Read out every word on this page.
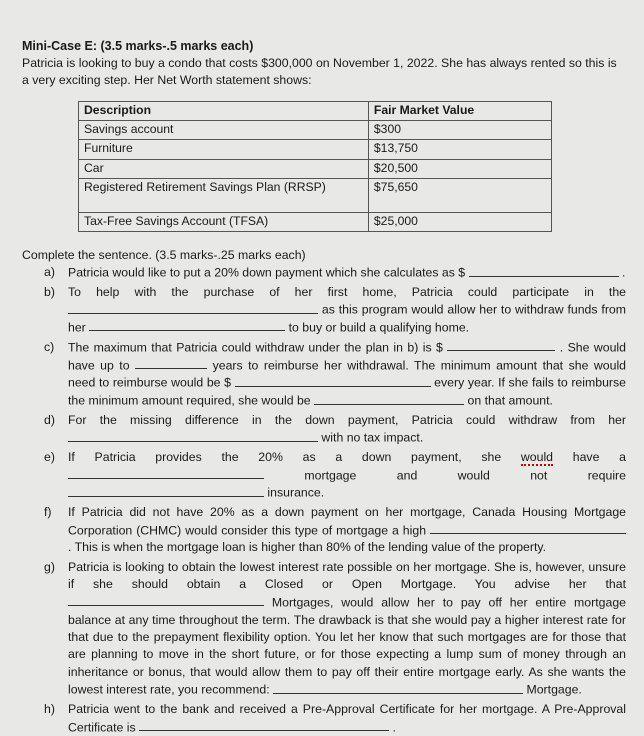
Mini-Case E: (3.5 marks-.5 marks each)
Patricia is looking to buy a condo that costs $300,000 on November 1, 2022. She has always rented so this is a very exciting step. Her Net Worth statement shows:
Description	Fair Market Value
Savings account	$300
Furniture	$13,750
Car	$20,500
Registered Retirement Savings Plan (RRSP)	$75,650
Tax-Free Savings Account (TFSA)	$25,000
Complete the sentence. (3.5 marks-.25 marks each)
a)	Patricia would like to put a 20% down payment which she calculates as $	.
b)	To help with the purchase of her first home, Patricia could participate in the  as this program would allow her to withdraw funds from her	to buy or build a qualifying home.
c)	The maximum that Patricia could withdraw under the plan in b) is $	. She would have up to	years to reimburse her withdrawal. The minimum amount that she would need to reimburse would be $	every year. If she fails to reimburse the minimum amount required, she would be	on that amount.
d)	For the missing difference in the down payment, Patricia could withdraw from her  with no tax impact.
e)	If Patricia provides the 20% as a down payment, she would have a  mortgage and would not require  insurance.
f)	If Patricia did not have 20% as a down payment on her mortgage, Canada Housing Mortgage Corporation (CHMC) would consider this type of mortgage a high  . This is when the mortgage loan is higher than 80% of the lending value of the property.
g)	Patricia is looking to obtain the lowest interest rate possible on her mortgage. She is, however, unsure if she should obtain a Closed or Open Mortgage. You advise her that  Mortgages, would allow her to pay off her entire mortgage balance at any time throughout the term. The drawback is that she would pay a higher interest rate for that due to the prepayment flexibility option. You let her know that such mortgages are for those that are planning to move in the short future, or for those expecting a lump sum of money through an inheritance or bonus, that would allow them to pay off their entire mortgage early. As she wants the lowest interest rate, you recommend:	Mortgage.
h)	Patricia went to the bank and received a Pre-Approval Certificate for her mortgage. A Pre-Approval Certificate is	.
